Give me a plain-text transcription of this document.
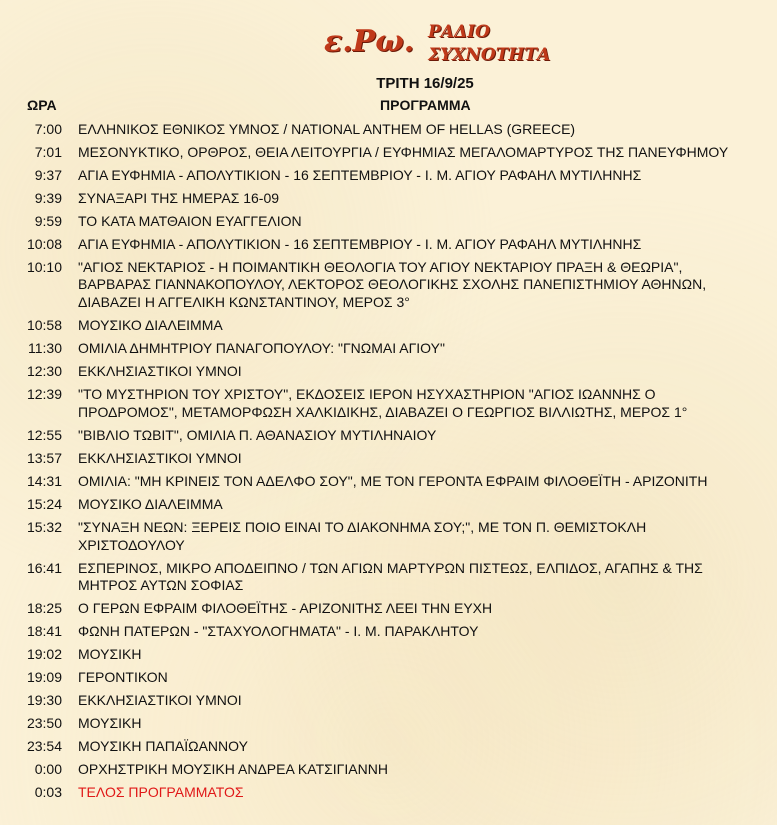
ε.Ρω. ΡΑΔΙΟ
ΣΥΧΝΟΤΗΤΑ
ΤΡΙΤΗ 16/9/25
ΩΡΑ	ΠΡΟΓΡΑΜΜΑ
7:00 ΕΛΛΗΝΙΚΟΣ ΕΘΝΙΚΟΣ ΥΜΝΟΣ / NATIONAL ANTHEM OF HELLAS (GREECE)
7:01 ΜΕΣΟΝΥΚΤΙΚΟ, ΟΡΘΡΟΣ, ΘΕΙΑ ΛΕΙΤΟΥΡΓΙΑ / ΕΥΦΗΜΙΑΣ ΜΕΓΑΛΟΜΑΡΤΥΡΟΣ ΤΗΣ ΠΑΝΕΥΦΗΜΟΥ
9:37 ΑΓΙΑ ΕΥΦΗΜΙΑ - ΑΠΟΛΥΤΙΚΙΟΝ - 16 ΣΕΠΤΕΜΒΡΙΟΥ - Ι. Μ. ΑΓΙΟΥ ΡΑΦΑΗΛ ΜΥΤΙΛΗΝΗΣ
9:39 ΣΥΝΑΞΑΡΙ ΤΗΣ ΗΜΕΡΑΣ 16-09
9:59 ΤΟ ΚΑΤΑ ΜΑΤΘΑΙΟΝ ΕΥΑΓΓΕΛΙΟΝ
10:08 ΑΓΙΑ ΕΥΦΗΜΙΑ - ΑΠΟΛΥΤΙΚΙΟΝ - 16 ΣΕΠΤΕΜΒΡΙΟΥ - Ι. Μ. ΑΓΙΟΥ ΡΑΦΑΗΛ ΜΥΤΙΛΗΝΗΣ
10:10 "ΑΓΙΟΣ ΝΕΚΤΑΡΙΟΣ - Η ΠΟΙΜΑΝΤΙΚΗ ΘΕΟΛΟΓΙΑ ΤΟΥ ΑΓΙΟΥ ΝΕΚΤΑΡΙΟΥ ΠΡΑΞΗ & ΘΕΩΡΙΑ",
ΒΑΡΒΑΡΑΣ ΓΙΑΝΝΑΚΟΠΟΥΛΟΥ, ΛΕΚΤΟΡΟΣ ΘΕΟΛΟΓΙΚΗΣ ΣΧΟΛΗΣ ΠΑΝΕΠΙΣΤΗΜΙΟΥ ΑΘΗΝΩΝ,
ΔΙΑΒΑΖΕΙ Η ΑΓΓΕΛΙΚΗ ΚΩΝΣΤΑΝΤΙΝΟΥ, ΜΕΡΟΣ 3°
10:58 ΜΟΥΣΙΚΟ ΔΙΑΛΕΙΜΜΑ
11:30 ΟΜΙΛΙΑ ΔΗΜΗΤΡΙΟΥ ΠΑΝΑΓΟΠΟΥΛΟΥ: "ΓΝΩΜΑΙ ΑΓΙΟΥ"
12:30 ΕΚΚΛΗΣΙΑΣΤΙΚΟΙ ΥΜΝΟΙ
12:39 "ΤΟ ΜΥΣΤΗΡΙΟΝ ΤΟΥ ΧΡΙΣΤΟΥ", ΕΚΔΟΣΕΙΣ ΙΕΡΟΝ ΗΣΥΧΑΣΤΗΡΙΟΝ "ΑΓΙΟΣ ΙΩΑΝΝΗΣ Ο
ΠΡΟΔΡΟΜΟΣ", ΜΕΤΑΜΟΡΦΩΣΗ ΧΑΛΚΙΔΙΚΗΣ, ΔΙΑΒΑΖΕΙ Ο ΓΕΩΡΓΙΟΣ ΒΙΛΛΙΩΤΗΣ, ΜΕΡΟΣ 1°
12:55 "ΒΙΒΛΙΟ ΤΩΒΙΤ", ΟΜΙΛΙΑ Π. ΑΘΑΝΑΣΙΟΥ ΜΥΤΙΛΗΝΑΙΟΥ
13:57 ΕΚΚΛΗΣΙΑΣΤΙΚΟΙ ΥΜΝΟΙ
14:31 ΟΜΙΛΙΑ: "ΜΗ ΚΡΙΝΕΙΣ ΤΟΝ ΑΔΕΛΦΟ ΣΟΥ", ΜΕ ΤΟΝ ΓΕΡΟΝΤΑ ΕΦΡΑΙΜ ΦΙΛΟΘΕΪΤΗ - ΑΡΙΖΟΝΙΤΗ
15:24 ΜΟΥΣΙΚΟ ΔΙΑΛΕΙΜΜΑ
15:32 "ΣΥΝΑΞΗ ΝΕΩΝ: ΞΕΡΕΙΣ ΠΟΙΟ ΕΙΝΑΙ ΤΟ ΔΙΑΚΟΝΗΜΑ ΣΟΥ;", ΜΕ ΤΟΝ Π. ΘΕΜΙΣΤΟΚΛΗ
ΧΡΙΣΤΟΔΟΥΛΟΥ
16:41 ΕΣΠΕΡΙΝΟΣ, ΜΙΚΡΟ ΑΠΟΔΕΙΠΝΟ / ΤΩΝ ΑΓΙΩΝ ΜΑΡΤΥΡΩΝ ΠΙΣΤΕΩΣ, ΕΛΠΙΔΟΣ, ΑΓΑΠΗΣ & ΤΗΣ
ΜΗΤΡΟΣ ΑΥΤΩΝ ΣΟΦΙΑΣ
18:25 Ο ΓΕΡΩΝ ΕΦΡΑΙΜ ΦΙΛΟΘΕΪΤΗΣ - ΑΡΙΖΟΝΙΤΗΣ ΛΕΕΙ ΤΗΝ ΕΥΧΗ
18:41 ΦΩΝΗ ΠΑΤΕΡΩΝ - "ΣΤΑΧΥΟΛΟΓΗΜΑΤΑ" - Ι. Μ. ΠΑΡΑΚΛΗΤΟΥ
19:02 ΜΟΥΣΙΚΗ
19:09 ΓΕΡΟΝΤΙΚΟΝ
19:30 ΕΚΚΛΗΣΙΑΣΤΙΚΟΙ ΥΜΝΟΙ
23:50 ΜΟΥΣΙΚΗ
23:54 ΜΟΥΣΙΚΗ ΠΑΠΑΪΩΑΝΝΟΥ
0:00 ΟΡΧΗΣΤΡΙΚΗ ΜΟΥΣΙΚΗ ΑΝΔΡΕΑ ΚΑΤΣΙΓΙΑΝΝΗ
0:03 ΤΕΛΟΣ ΠΡΟΓΡΑΜΜΑΤΟΣ
